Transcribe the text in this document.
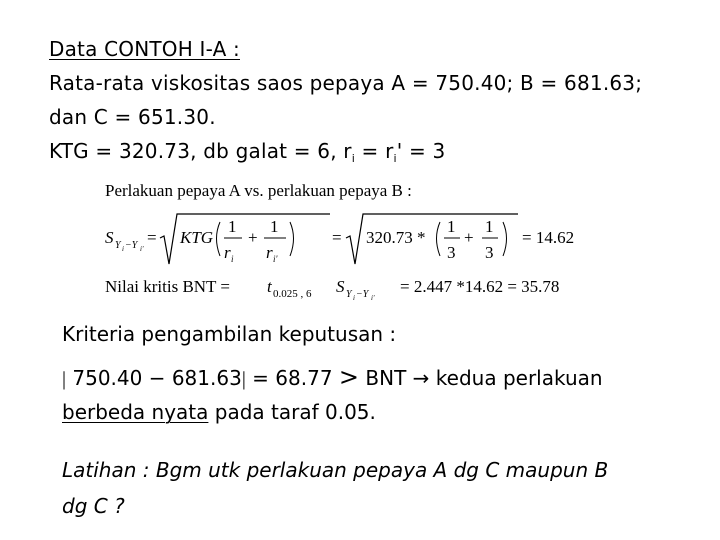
Data CONTOH I-A :
Rata-rata viskositas saos pepaya A = 750.40; B = 681.63;
dan C = 651.30.
KTG = 320.73, db galat = 6, $r_i = r_i' = 3$
Perlakuan pepaya A vs. perlakuan pepaya B :
S Y i −Y i'
= KTG
1
r i
+
1
r i'
= 320.73 *
1
3
+
1
3
= 14.62
Nilai kritis BNT = t 0.025 , 6 S Y i −Y i'
= 2.447 *14.62 = 35.78
Kriteria pengambilan keputusan :
| 750.40 − 681.63| = 68.77 > BNT → kedua perlakuan
berbeda nyata pada taraf 0.05.
Latihan : Bgm utk perlakuan pepaya A dg C maupun B
dg C ?
